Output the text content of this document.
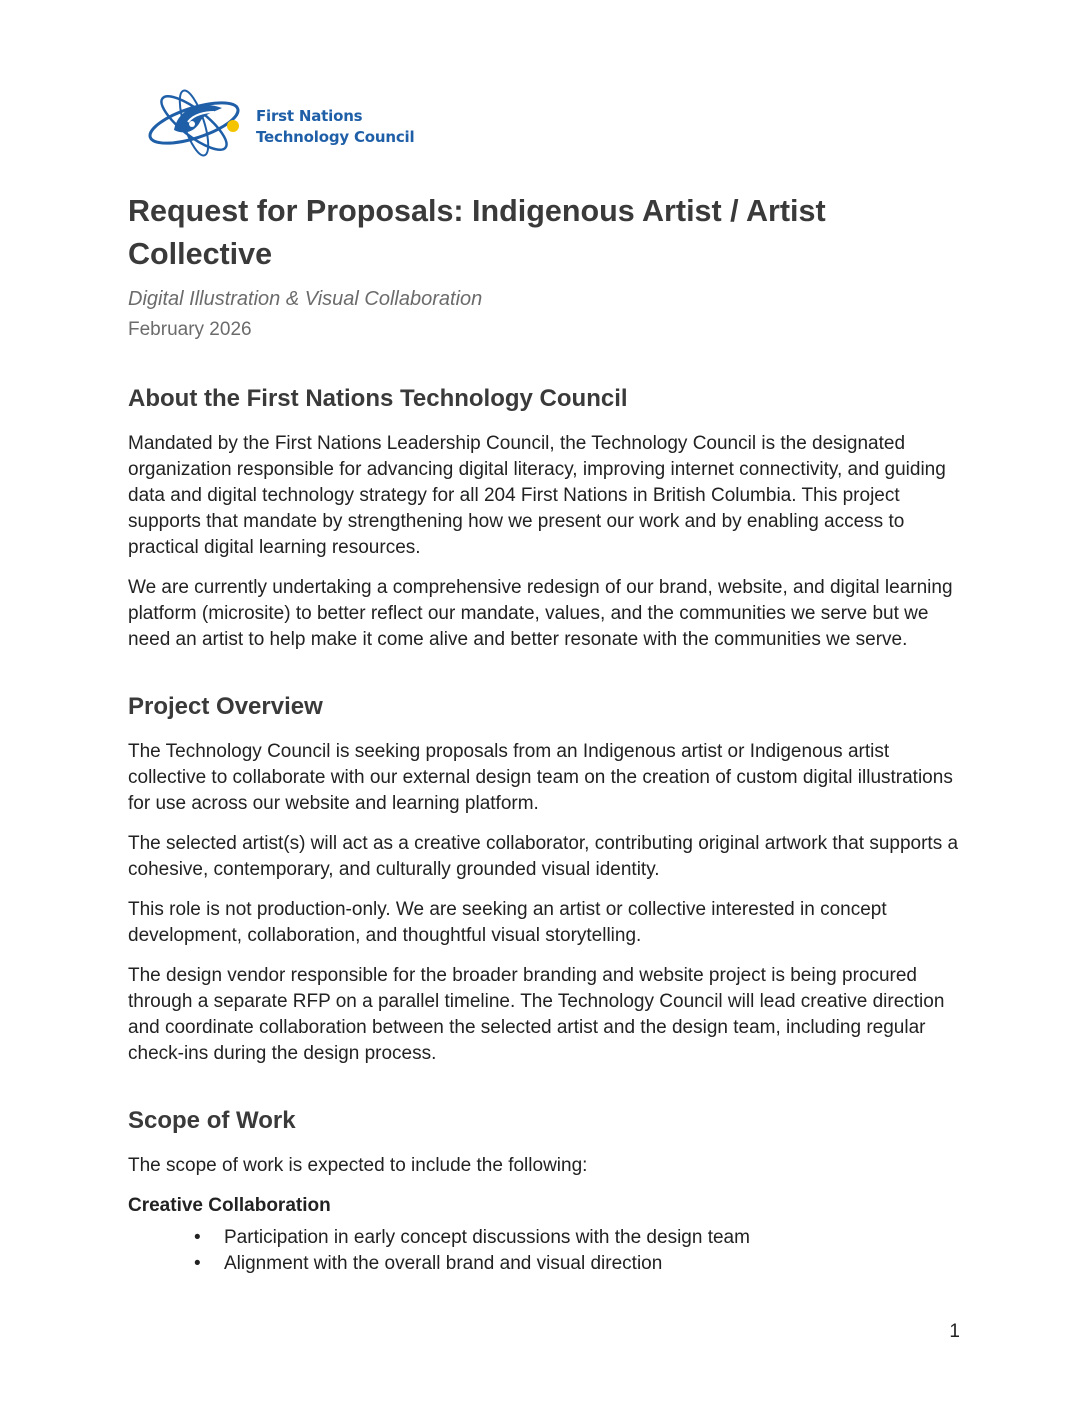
First Nations
Technology Council
Request for Proposals: Indigenous Artist / Artist Collective
Digital Illustration & Visual Collaboration
February 2026
About the First Nations Technology Council

Mandated by the First Nations Leadership Council, the Technology Council is the designated organization responsible for advancing digital literacy, improving internet connectivity, and guiding data and digital technology strategy for all 204 First Nations in British Columbia. This project supports that mandate by strengthening how we present our work and by enabling access to practical digital learning resources.

We are currently undertaking a comprehensive redesign of our brand, website, and digital learning platform (microsite) to better reflect our mandate, values, and the communities we serve but we need an artist to help make it come alive and better resonate with the communities we serve.

Project Overview

The Technology Council is seeking proposals from an Indigenous artist or Indigenous artist collective to collaborate with our external design team on the creation of custom digital illustrations for use across our website and learning platform.

The selected artist(s) will act as a creative collaborator, contributing original artwork that supports a cohesive, contemporary, and culturally grounded visual identity.

This role is not production-only. We are seeking an artist or collective interested in concept development, collaboration, and thoughtful visual storytelling.

The design vendor responsible for the broader branding and website project is being procured through a separate RFP on a parallel timeline. The Technology Council will lead creative direction and coordinate collaboration between the selected artist and the design team, including regular check-ins during the design process.

Scope of Work

The scope of work is expected to include the following:

Creative Collaboration
• Participation in early concept discussions with the design team
• Alignment with the overall brand and visual direction
1
